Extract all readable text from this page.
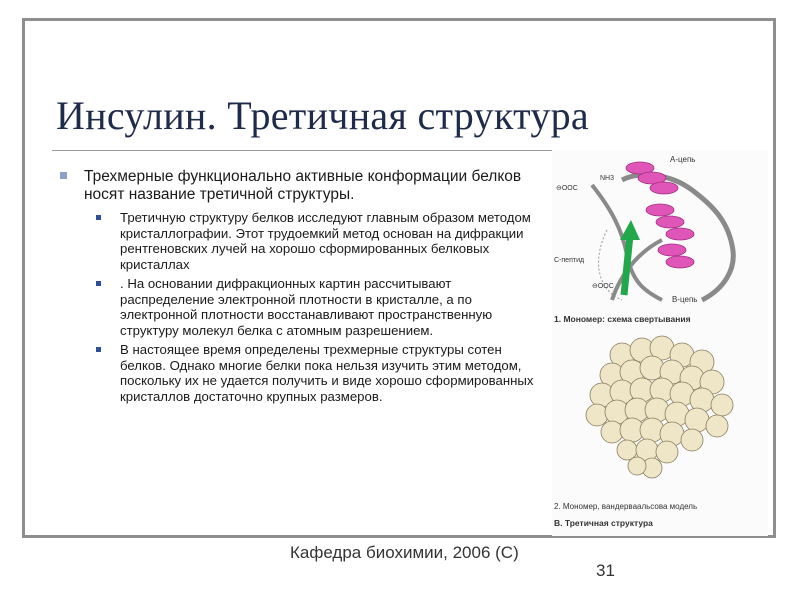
Инсулин. Третичная структура
Трехмерные функционально активные конформации белков носят название третичной структуры.
Третичную структуру белков исследуют главным образом методом кристаллографии. Этот трудоемкий метод основан на дифракции рентгеновских лучей на хорошо сформированных белковых кристаллах
. На основании дифракционных картин рассчитывают распределение электронной плотности в кристалле, а по электронной плотности восстанавливают пространственную структуру молекул белка с атомным разрешением.
В настоящее время определены трехмерные структуры сотен белков. Однако многие белки пока нельзя изучить этим методом, поскольку их не удается получить и виде хорошо сформированных кристаллов достаточно крупных размеров.
А-цепь
NH3
⊖OOC
С-пептид
⊖OOC
В-цепь
1. Мономер: схема свертывания
2. Мономер, вандерваальсова модель
В. Третичная структура
Кафедра биохимии, 2006 (С)
31
